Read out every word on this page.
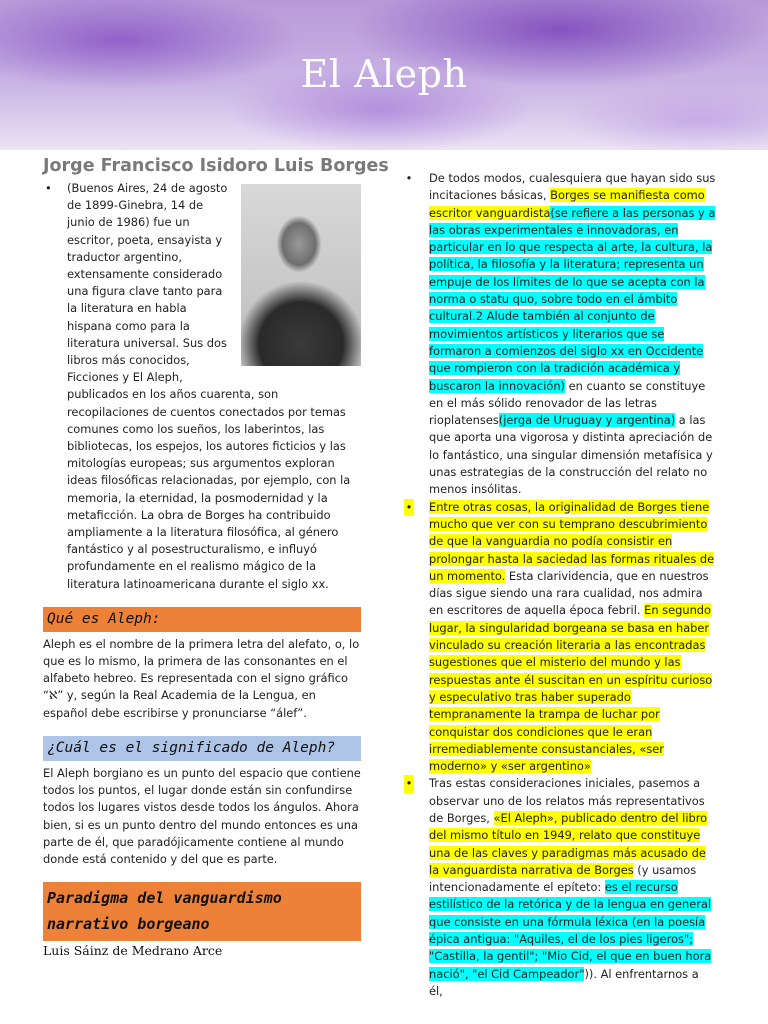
El Aleph
Jorge Francisco Isidoro Luis Borges
• (Buenos Aires, 24 de agosto de 1899-Ginebra, 14 de junio de 1986) fue un escritor, poeta, ensayista y traductor argentino, extensamente considerado una figura clave tanto para la literatura en habla hispana como para la literatura universal. Sus dos libros más conocidos,
Ficciones y El Aleph, publicados en los años cuarenta, son recopilaciones de cuentos conectados por temas comunes como los sueños, los laberintos, las bibliotecas, los espejos, los autores ficticios y las mitologías europeas; sus argumentos exploran ideas filosóficas relacionadas, por ejemplo, con la memoria, la eternidad, la posmodernidad y la metaficción. La obra de Borges ha contribuido ampliamente a la literatura filosófica, al género fantástico y al posestructuralismo, e influyó profundamente en el realismo mágico de la literatura latinoamericana durante el siglo xx.
Qué es Aleph:

Aleph es el nombre de la primera letra del alefato, o, lo que es lo mismo, la primera de las consonantes en el alfabeto hebreo. Es representada con el signo gráfico “ℵ” y, según la Real Academia de la Lengua, en español debe escribirse y pronunciarse “álef”.

¿Cuál es el significado de Aleph?

El Aleph borgiano es un punto del espacio que contiene todos los puntos, el lugar donde están sin confundirse todos los lugares vistos desde todos los ángulos. Ahora bien, si es un punto dentro del mundo entonces es una parte de él, que paradójicamente contiene al mundo donde está contenido y del que es parte.

Paradigma del vanguardismo narrativo borgeano
Luis Sáinz de Medrano Arce

• De todos modos, cualesquiera que hayan sido sus incitaciones básicas, Borges se manifiesta como escritor vanguardista(se refiere a las personas y a las obras experimentales e innovadoras, en particular en lo que respecta al arte, la cultura, la política, la filosofía y la literatura; representa un empuje de los límites de lo que se acepta con la norma o statu quo, sobre todo en el ámbito cultural.2 Alude también al conjunto de movimientos artísticos y literarios que se formaron a comienzos del siglo xx en Occidente que rompieron con la tradición académica y buscaron la innovación) en cuanto se constituye en el más sólido renovador de las letras rioplatenses(jerga de Uruguay y argentina) a las que aporta una vigorosa y distinta apreciación de lo fantástico, una singular dimensión metafísica y unas estrategias de la construcción del relato no menos insólitas.

• Entre otras cosas, la originalidad de Borges tiene mucho que ver con su temprano descubrimiento de que la vanguardia no podía consistir en prolongar hasta la saciedad las formas rituales de un momento. Esta clarividencia, que en nuestros días sigue siendo una rara cualidad, nos admira en escritores de aquella época febril. En segundo lugar, la singularidad borgeana se basa en haber vinculado su creación literaria a las encontradas sugestiones que el misterio del mundo y las respuestas ante él suscitan en un espíritu curioso y especulativo tras haber superado tempranamente la trampa de luchar por conquistar dos condiciones que le eran irremediablemente consustanciales, «ser moderno» y «ser argentino»

• Tras estas consideraciones iniciales, pasemos a observar uno de los relatos más representativos de Borges, «El Aleph», publicado dentro del libro del mismo título en 1949, relato que constituye una de las claves y paradigmas más acusado de la vanguardista narrativa de Borges (y usamos intencionadamente el epíteto: es el recurso estilístico de la retórica y de la lengua en general que consiste en una fórmula léxica (en la poesía épica antigua: "Aquiles, el de los pies ligeros"; "Castilla, la gentil"; "Mio Cid, el que en buen hora nació", "el Cid Campeador")). Al enfrentarnos a él,
